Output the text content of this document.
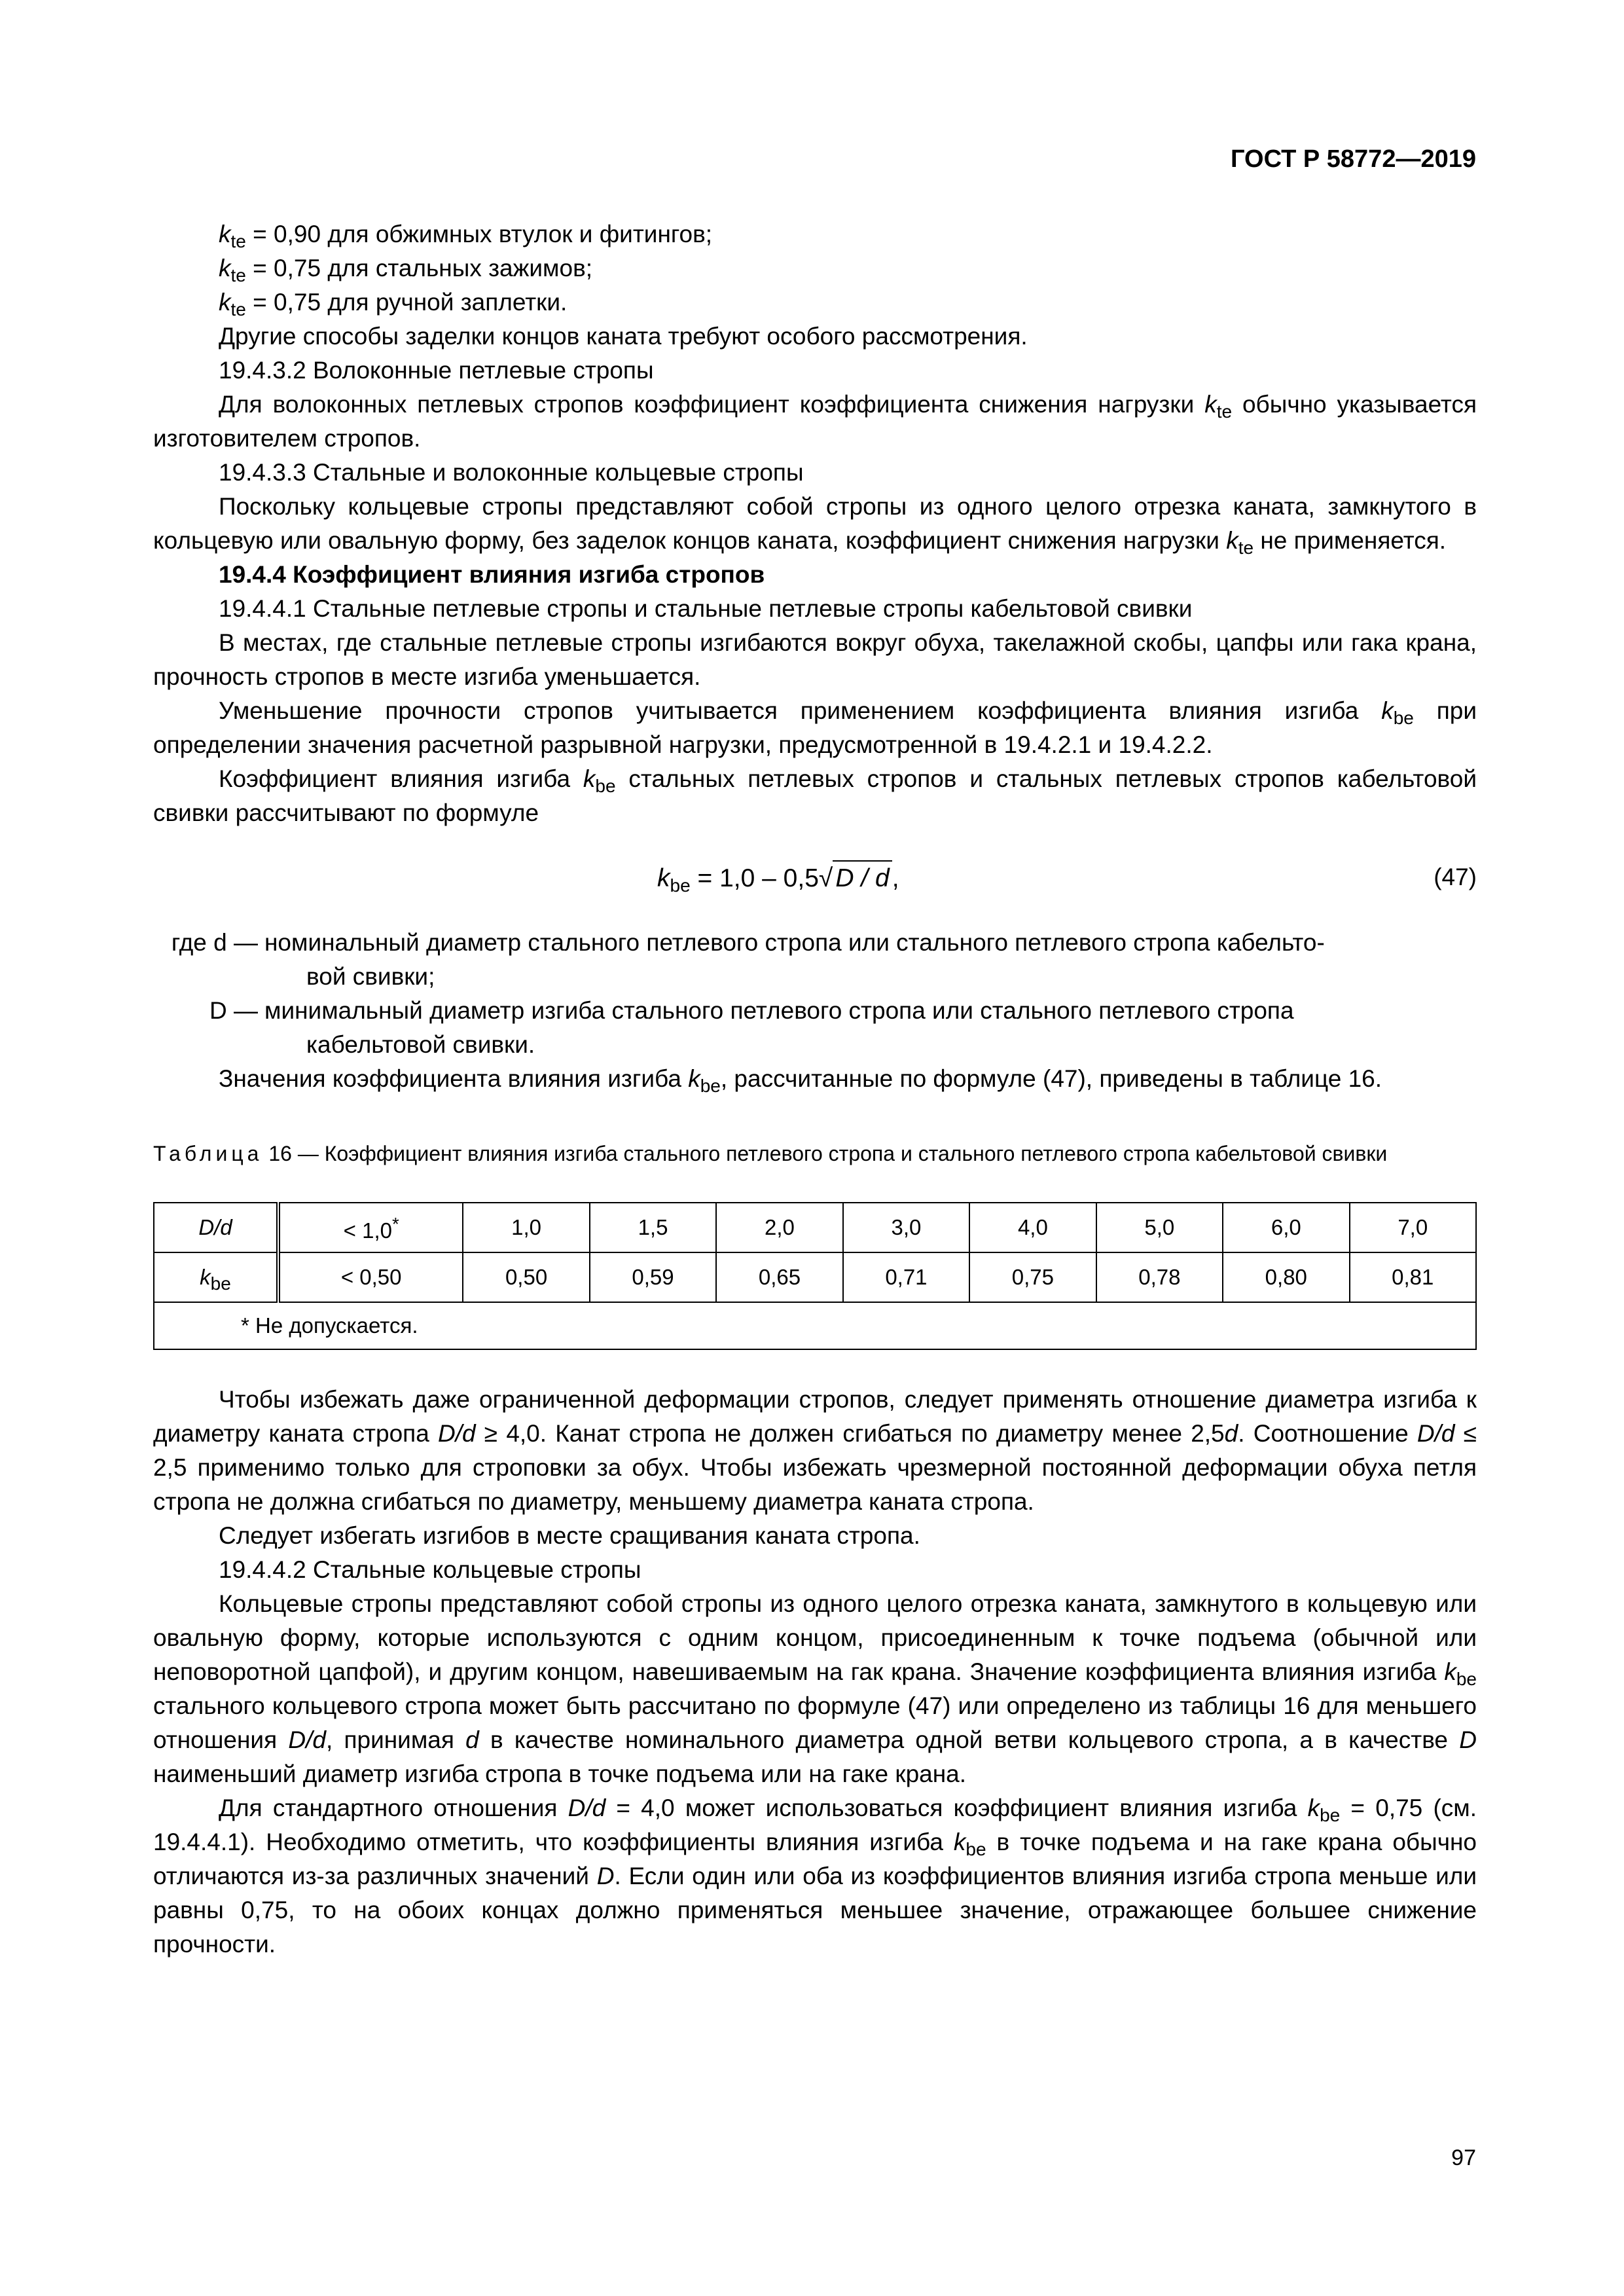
ГОСТ Р 58772—2019

$k_{te} = 0,90$ для обжимных втулок и фитингов;

$k_{te} = 0,75$ для стальных зажимов;

$k_{te} = 0,75$ для ручной заплетки.

Другие способы заделки концов каната требуют особого рассмотрения.

19.4.3.2 Волоконные петлевые стропы

Для волоконных петлевых стропов коэффициент коэффициента снижения нагрузки $k_{te}$ обычно указывается изготовителем стропов.

19.4.3.3 Стальные и волоконные кольцевые стропы

Поскольку кольцевые стропы представляют собой стропы из одного целого отрезка каната, замкнутого в кольцевую или овальную форму, без заделок концов каната, коэффициент снижения нагрузки $k_{te}$ не применяется.

19.4.4 Коэффициент влияния изгиба стропов

19.4.4.1 Стальные петлевые стропы и стальные петлевые стропы кабельтовой свивки

В местах, где стальные петлевые стропы изгибаются вокруг обуха, такелажной скобы, цапфы или гака крана, прочность стропов в месте изгиба уменьшается.

Уменьшение прочности стропов учитывается применением коэффициента влияния изгиба $k_{be}$ при определении значения расчетной разрывной нагрузки, предусмотренной в 19.4.2.1 и 19.4.2.2.

Коэффициент влияния изгиба $k_{be}$ стальных петлевых стропов и стальных петлевых стропов кабельтовой свивки рассчитывают по формуле

$k_{be} = 1,0 - 0,5√$ D / d ,	(47)
где d — номинальный диаметр стального петлевого стропа или стального петлевого стропа кабельто-
вой свивки;
D — минимальный диаметр изгиба стального петлевого стропа или стального петлевого стропа
кабельтовой свивки.

Значения коэффициента влияния изгиба $k_{be}$, рассчитанные по формуле (47), приведены в таблице 16.

Таблица 16 — Коэффициент влияния изгиба стального петлевого стропа и стального петлевого стропа кабельтовой свивки
D/d	< 1,0*	1,0	1,5	2,0	3,0	4,0	5,0	6,0	7,0
$k_{be}$	< 0,50	0,50	0,59	0,65	0,71	0,75	0,78	0,80	0,81
* Не допускается.									

Чтобы избежать даже ограниченной деформации стропов, следует применять отношение диаметра изгиба к диаметру каната стропа D/d ≥ 4,0. Канат стропа не должен сгибаться по диаметру менее 2,5d. Соотношение D/d ≤ 2,5 применимо только для строповки за обух. Чтобы избежать чрезмерной постоянной деформации обуха петля стропа не должна сгибаться по диаметру, меньшему диаметра каната стропа.

Следует избегать изгибов в месте сращивания каната стропа.

19.4.4.2 Стальные кольцевые стропы

Кольцевые стропы представляют собой стропы из одного целого отрезка каната, замкнутого в кольцевую или овальную форму, которые используются с одним концом, присоединенным к точке подъема (обычной или неповоротной цапфой), и другим концом, навешиваемым на гак крана. Значение коэффициента влияния изгиба $k_{be}$ стального кольцевого стропа может быть рассчитано по формуле (47) или определено из таблицы 16 для меньшего отношения D/d, принимая d в качестве номинального диаметра одной ветви кольцевого стропа, а в качестве D наименьший диаметр изгиба стропа в точке подъема или на гаке крана.

Для стандартного отношения D/d = 4,0 может использоваться коэффициент влияния изгиба $k_{be} = 0,75$ (см. 19.4.4.1). Необходимо отметить, что коэффициенты влияния изгиба $k_{be}$ в точке подъема и на гаке крана обычно отличаются из-за различных значений D. Если один или оба из коэффициентов влияния изгиба стропа меньше или равны 0,75, то на обоих концах должно применяться меньшее значение, отражающее большее снижение прочности.

97
